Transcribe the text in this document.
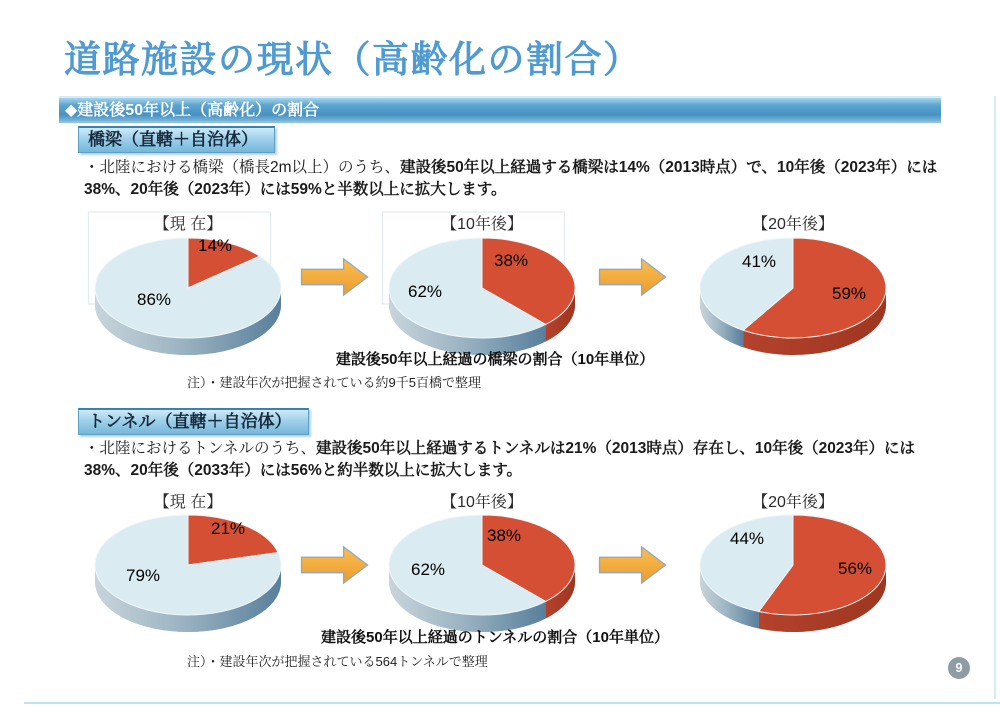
道路施設の現状（高齢化の割合）
◆建設後50年以上（高齢化）の割合
橋梁（直轄＋自治体）

・北陸における橋梁（橋長2m以上）のうち、建設後50年以上経過する橋梁は14%（2013時点）で、10年後（2023年）には38%、20年後（2023年）には59%と半数以上に拡大します。

【現 在】	【10年後】	【20年後】
14%
86%
38%
62%	59%
41%
建設後50年以上経過の橋梁の割合（10年単位）
注）・建設年次が把握されている約9千5百橋で整理
トンネル（直轄＋自治体）

・北陸におけるトンネルのうち、建設後50年以上経過するトンネルは21%（2013時点）存在し、10年後（2023年）には38%、20年後（2033年）には56%と約半数以上に拡大します。

【現 在】	【10年後】	【20年後】
21%
79%
38%
62%	56%
44%
建設後50年以上経過のトンネルの割合（10年単位）
注）・建設年次が把握されている564トンネルで整理	9
